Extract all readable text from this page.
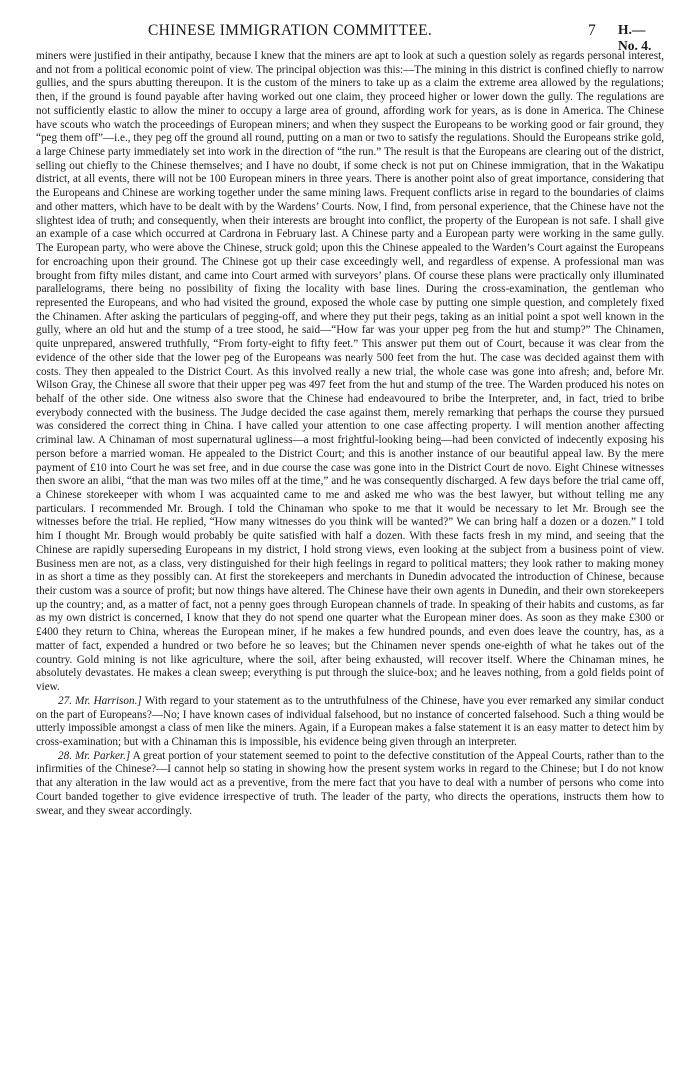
CHINESE IMMIGRATION COMMITTEE.	7 H.—No. 4.

miners were justified in their antipathy, because I knew that the miners are apt to look at such a question solely as regards personal interest, and not from a political economic point of view. The principal objection was this:—The mining in this district is confined chiefly to narrow gullies, and the spurs abutting thereupon. It is the custom of the miners to take up as a claim the extreme area allowed by the regulations; then, if the ground is found payable after having worked out one claim, they proceed higher or lower down the gully. The regulations are not sufficiently elastic to allow the miner to occupy a large area of ground, affording work for years, as is done in America. The Chinese have scouts who watch the proceedings of European miners; and when they suspect the Europeans to be working good or fair ground, they “peg them off”—i.e., they peg off the ground all round, putting on a man or two to satisfy the regulations. Should the Europeans strike gold, a large Chinese party immediately set into work in the direction of “the run.” The result is that the Europeans are clearing out of the district, selling out chiefly to the Chinese themselves; and I have no doubt, if some check is not put on Chinese immigration, that in the Wakatipu district, at all events, there will not be 100 European miners in three years. There is another point also of great importance, considering that the Europeans and Chinese are working together under the same mining laws. Frequent conflicts arise in regard to the boundaries of claims and other matters, which have to be dealt with by the Wardens’ Courts. Now, I find, from personal experience, that the Chinese have not the slightest idea of truth; and consequently, when their interests are brought into conflict, the property of the European is not safe. I shall give an example of a case which occurred at Cardrona in February last. A Chinese party and a European party were working in the same gully. The European party, who were above the Chinese, struck gold; upon this the Chinese appealed to the Warden’s Court against the Europeans for encroaching upon their ground. The Chinese got up their case exceedingly well, and regardless of expense. A professional man was brought from fifty miles distant, and came into Court armed with surveyors’ plans. Of course these plans were practically only illuminated parallelograms, there being no possibility of fixing the locality with base lines. During the cross-examination, the gentleman who represented the Europeans, and who had visited the ground, exposed the whole case by putting one simple question, and completely fixed the Chinamen. After asking the particulars of pegging-off, and where they put their pegs, taking as an initial point a spot well known in the gully, where an old hut and the stump of a tree stood, he said—“How far was your upper peg from the hut and stump?” The Chinamen, quite unprepared, answered truthfully, “From forty-eight to fifty feet.” This answer put them out of Court, because it was clear from the evidence of the other side that the lower peg of the Europeans was nearly 500 feet from the hut. The case was decided against them with costs. They then appealed to the District Court. As this involved really a new trial, the whole case was gone into afresh; and, before Mr. Wilson Gray, the Chinese all swore that their upper peg was 497 feet from the hut and stump of the tree. The Warden produced his notes on behalf of the other side. One witness also swore that the Chinese had endeavoured to bribe the Interpreter, and, in fact, tried to bribe everybody connected with the business. The Judge decided the case against them, merely remarking that perhaps the course they pursued was considered the correct thing in China. I have called your attention to one case affecting property. I will mention another affecting criminal law. A Chinaman of most supernatural ugliness—a most frightful-looking being—had been convicted of indecently exposing his person before a married woman. He appealed to the District Court; and this is another instance of our beautiful appeal law. By the mere payment of £10 into Court he was set free, and in due course the case was gone into in the District Court de novo. Eight Chinese witnesses then swore an alibi, “that the man was two miles off at the time,” and he was consequently discharged. A few days before the trial came off, a Chinese storekeeper with whom I was acquainted came to me and asked me who was the best lawyer, but without telling me any particulars. I recommended Mr. Brough. I told the Chinaman who spoke to me that it would be necessary to let Mr. Brough see the witnesses before the trial. He replied, “How many witnesses do you think will be wanted?” We can bring half a dozen or a dozen.” I told him I thought Mr. Brough would probably be quite satisfied with half a dozen. With these facts fresh in my mind, and seeing that the Chinese are rapidly superseding Europeans in my district, I hold strong views, even looking at the subject from a business point of view. Business men are not, as a class, very distinguished for their high feelings in regard to political matters; they look rather to making money in as short a time as they possibly can. At first the storekeepers and merchants in Dunedin advocated the introduction of Chinese, because their custom was a source of profit; but now things have altered. The Chinese have their own agents in Dunedin, and their own storekeepers up the country; and, as a matter of fact, not a penny goes through European channels of trade. In speaking of their habits and customs, as far as my own district is concerned, I know that they do not spend one quarter what the European miner does. As soon as they make £300 or £400 they return to China, whereas the European miner, if he makes a few hundred pounds, and even does leave the country, has, as a matter of fact, expended a hundred or two before he so leaves; but the Chinamen never spends one-eighth of what he takes out of the country. Gold mining is not like agriculture, where the soil, after being exhausted, will recover itself. Where the Chinaman mines, he absolutely devastates. He makes a clean sweep; everything is put through the sluice-box; and he leaves nothing, from a gold fields point of view.

27. Mr. Harrison.] With regard to your statement as to the untruthfulness of the Chinese, have you ever remarked any similar conduct on the part of Europeans?—No; I have known cases of individual falsehood, but no instance of concerted falsehood. Such a thing would be utterly impossible amongst a class of men like the miners. Again, if a European makes a false statement it is an easy matter to detect him by cross-examination; but with a Chinaman this is impossible, his evidence being given through an interpreter.

28. Mr. Parker.] A great portion of your statement seemed to point to the defective constitution of the Appeal Courts, rather than to the infirmities of the Chinese?—I cannot help so stating in showing how the present system works in regard to the Chinese; but I do not know that any alteration in the law would act as a preventive, from the mere fact that you have to deal with a number of persons who come into Court banded together to give evidence irrespective of truth. The leader of the party, who directs the operations, instructs them how to swear, and they swear accordingly.
